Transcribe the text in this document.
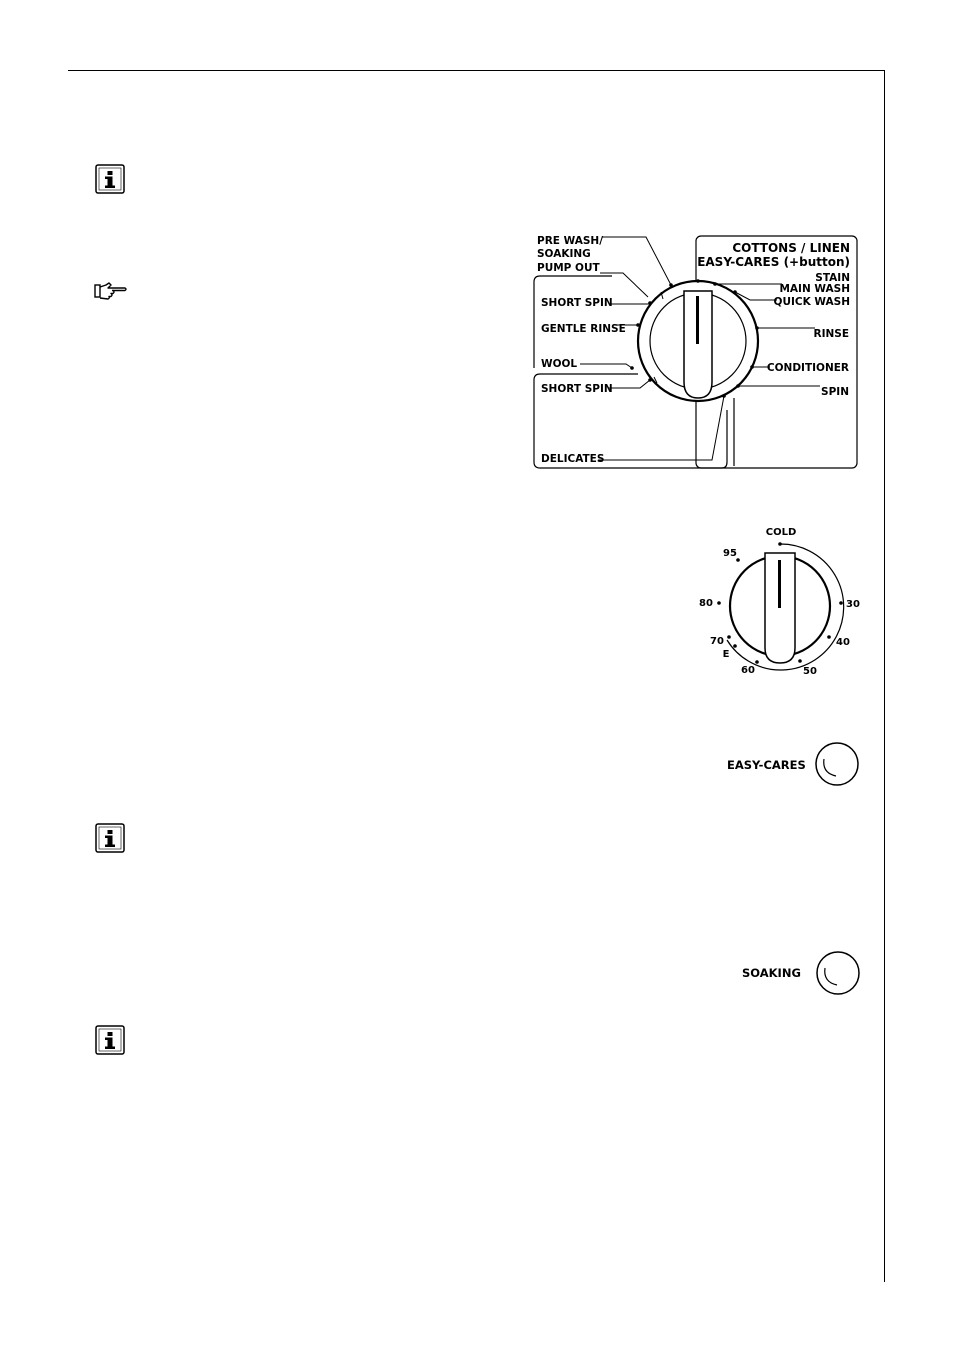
PRE WASH/
SOAKING
PUMP OUT
SHORT SPIN
GENTLE RINSE
WOOL
SHORT SPIN
DELICATES
COTTONS / LINEN
EASY-CARES (+button)
STAIN
MAIN WASH
QUICK WASH
RINSE
CONDITIONER
SPIN
COLD
95
80
70
E
60	50
40
30
EASY-CARES
SOAKING
